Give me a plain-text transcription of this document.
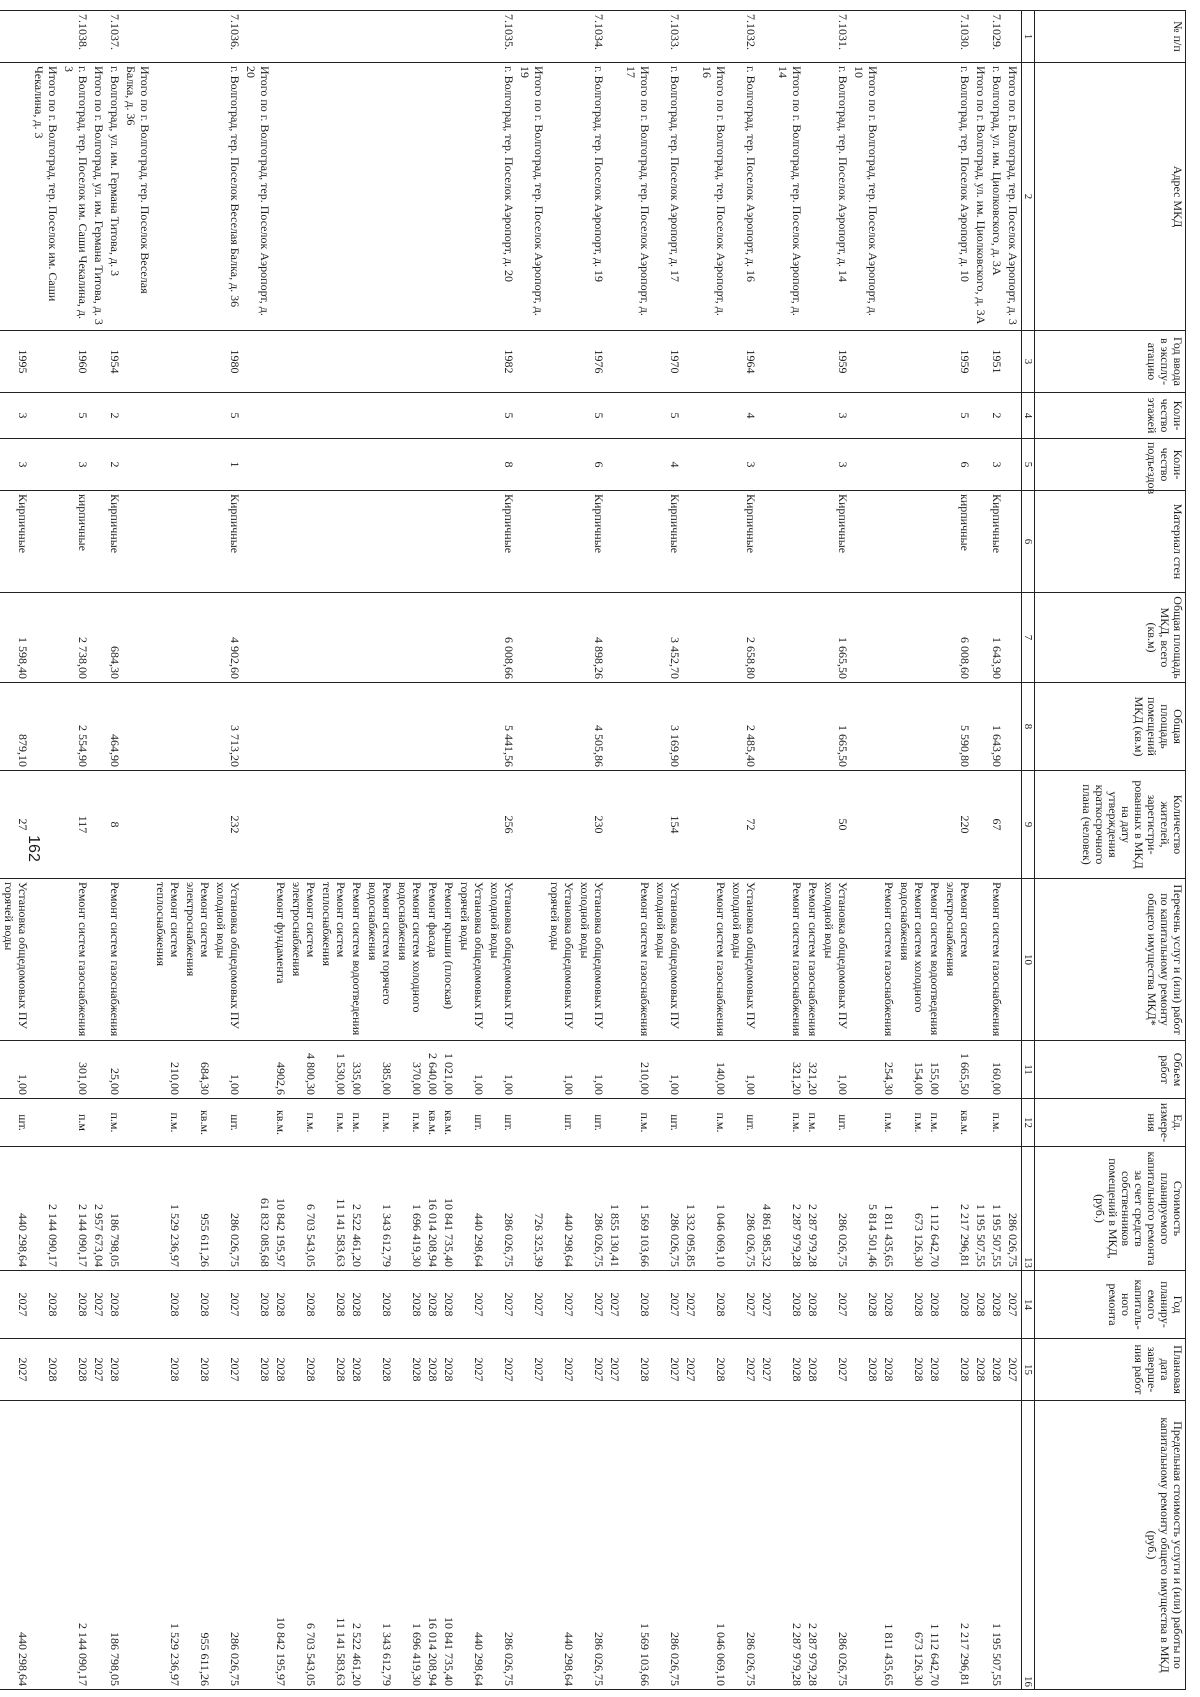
162
№ п/п	Адрес МКД	Год ввода в эксплу-атацию	Коли-чество этажей	Коли-чество подъездов	Материал стен	Общая площадь МКД, всего (кв.м)	Общая площадь помещений МКД (кв.м)	Количество жителей, зарегистри-рованных в МКД на дату утверждения краткосрочного плана (человек)	Перечень услуг и (или) работ по капитальному ремонту общего имущества МКД*	Объем работ	Ед. измере-ния	Стоимость планируемого капитального ремонта за счет средств собственников помещений в МКД, (руб.)	Год планиру-емого капиталь-ного ремонта	Плановая дата заверше-ния работ	Предельная стоимость услуги и (или) работы по капитальному ремонту общего имущества в МКД (руб.)
1	2	3	4	5	6	7	8	9	10	11	12	13	14	15	16
	Итого по г. Волгоград, тер. Поселок Аэропорт, д. 3											286 026,75	2027	2027	
7.1029.	г. Волгоград, ул. им. Циолковского, д. 3А	1951	2	3	Кирпичные	1 643,90	1 643,90	67	Ремонт систем газоснабжения	160,00	п.м.	1 195 507,55	2028	2028	1 195 507,55
	Итого по г. Волгоград, ул. им. Циолковского, д. 3А											1 195 507,55	2028	2028	
7.1030.	г. Волгоград, тер. Поселок Аэропорт, д. 10	1959	5	6	кирпичные	6 008,60	5 590,80	220	Ремонт систем электроснабжения	1 665,50	кв.м.	2 217 296,81	2028	2028	2 217 296,81
									Ремонт систем водоотведения	155,00	п.м.	1 112 642,70	2028	2028	1 112 642,70
									Ремонт систем холодного водоснабжения	154,00	п.м.	673 126,30	2028	2028	673 126,30
									Ремонт систем газоснабжения	254,30	п.м.	1 811 435,65	2028	2028	1 811 435,65
	Итого по г. Волгоград, тер. Поселок Аэропорт, д. 10											5 814 501,46	2028	2028	
7.1031.	г. Волгоград, тер. Поселок Аэропорт, д. 14	1959	3	3	Кирпичные	1 665,50	1 665,50	50	Установка общедомовых ПУ холодной воды	1,00	шт.	286 026,75	2027	2027	286 026,75
									Ремонт систем газоснабжения	321,20	п.м.	2 287 979,28	2028	2028	2 287 979,28
	Итого по г. Волгоград, тер. Поселок Аэропорт, д. 14								Ремонт систем газоснабжения	321,20	п.м.	2 287 979,28	2028	2028	2 287 979,28
												4 861 985,32	2027	2027	
7.1032.	г. Волгоград, тер. Поселок Аэропорт, д. 16	1964	4	3	Кирпичные	2 658,80	2 485,40	72	Установка общедомовых ПУ холодной воды	1,00	шт.	286 026,75	2027	2027	286 026,75
	Итого по г. Волгоград, тер. Поселок Аэропорт, д. 16								Ремонт систем газоснабжения	140,00	п.м.	1 046 069,10	2028	2028	1 046 069,10
												1 332 095,85	2027	2027	
7.1033.	г. Волгоград, тер. Поселок Аэропорт, д. 17	1970	5	4	Кирпичные	3 452,70	3 169,90	154	Установка общедомовых ПУ холодной воды	1,00	шт.	286 026,75	2027	2027	286 026,75
	Итого по г. Волгоград, тер. Поселок Аэропорт, д. 17								Ремонт систем газоснабжения	210,00	п.м.	1 569 103,66	2028	2028	1 569 103,66
												1 855 130,41	2027	2027	
7.1034.	г. Волгоград, тер. Поселок Аэропорт, д. 19	1976	5	6	Кирпичные	4 898,26	4 505,86	230	Установка общедомовых ПУ холодной воды	1,00	шт.	286 026,75	2027	2027	286 026,75
									Установка общедомовых ПУ горячей воды	1,00	шт.	440 298,64	2027	2027	440 298,64
	Итого по г. Волгоград, тер. Поселок Аэропорт, д. 19											726 325,39	2027	2027	
7.1035.	г. Волгоград, тер. Поселок Аэропорт, д. 20	1982	5	8	Кирпичные	6 008,66	5 441,56	256	Установка общедомовых ПУ холодной воды	1,00	шт.	286 026,75	2027	2027	286 026,75
									Установка общедомовых ПУ горячей воды	1,00	шт.	440 298,64	2027	2027	440 298,64
									Ремонт крыши (плоская)	1 021,00	кв.м.	10 841 735,40	2028	2028	10 841 735,40
									Ремонт фасада	2 640,00	кв.м.	16 014 208,94	2028	2028	16 014 208,94
									Ремонт систем холодного водоснабжения	370,00	п.м.	1 696 419,30	2028	2028	1 696 419,30
									Ремонт систем горячего водоснабжения	385,00	п.м.	1 343 612,79	2028	2028	1 343 612,79
									Ремонт систем водоотведения	335,00	п.м.	2 522 461,20	2028	2028	2 522 461,20
									Ремонт систем теплоснабжения	1 530,00	п.м.	11 141 583,63	2028	2028	11 141 583,63
									Ремонт систем электроснабжения	4 800,30	п.м.	6 703 543,05	2028	2028	6 703 543,05
									Ремонт фундамента	4902,6	кв.м.	10 842 195,97	2028	2028	10 842 195,97
	Итого по г. Волгоград, тер. Поселок Аэропорт, д. 20											61 832 085,68	2028	2028	
7.1036.	г. Волгоград, тер. Поселок Веселая Балка, д. 36	1980	5	1	Кирпичные	4 902,60	3 713,20	232	Установка общедомовых ПУ холодной воды	1,00	шт.	286 026,75	2027	2027	286 026,75
									Ремонт систем электроснабжения	684,30	кв.м.	955 611,26	2028	2028	955 611,26
									Ремонт систем теплоснабжения	210,00	п.м.	1 529 236,97	2028	2028	1 529 236,97
	Итого по г. Волгоград, тер. Поселок Веселая Балка, д. 36														
7.1037.	г. Волгоград, ул. им. Германа Титова, д. 3	1954	2	2	Кирпичные	684,30	464,90	8	Ремонт систем газоснабжения	25,00	п.м.	186 798,05	2028	2028	186 798,05
	Итого по г. Волгоград, ул. им. Германа Титова, д. 3											2 957 673,04	2027	2027	
7.1038.	г. Волгоград, тер. Поселок им. Саши Чекалина, д. 3	1960	5	3	кирпичные	2 738,00	2 554,90	117	Ремонт систем газоснабжения	301,00	п.м	2 144 090,17	2028	2028	2 144 090,17
	Итого по г. Волгоград, тер. Поселок им. Саши Чекалина, д. 3											2 144 090,17	2028	2028	
		1995	3	3	Кирпичные	1 598,40	879,10	27	Установка общедомовых ПУ горячей воды	1,00	шт.	440 298,64	2027	2027	440 298,64
